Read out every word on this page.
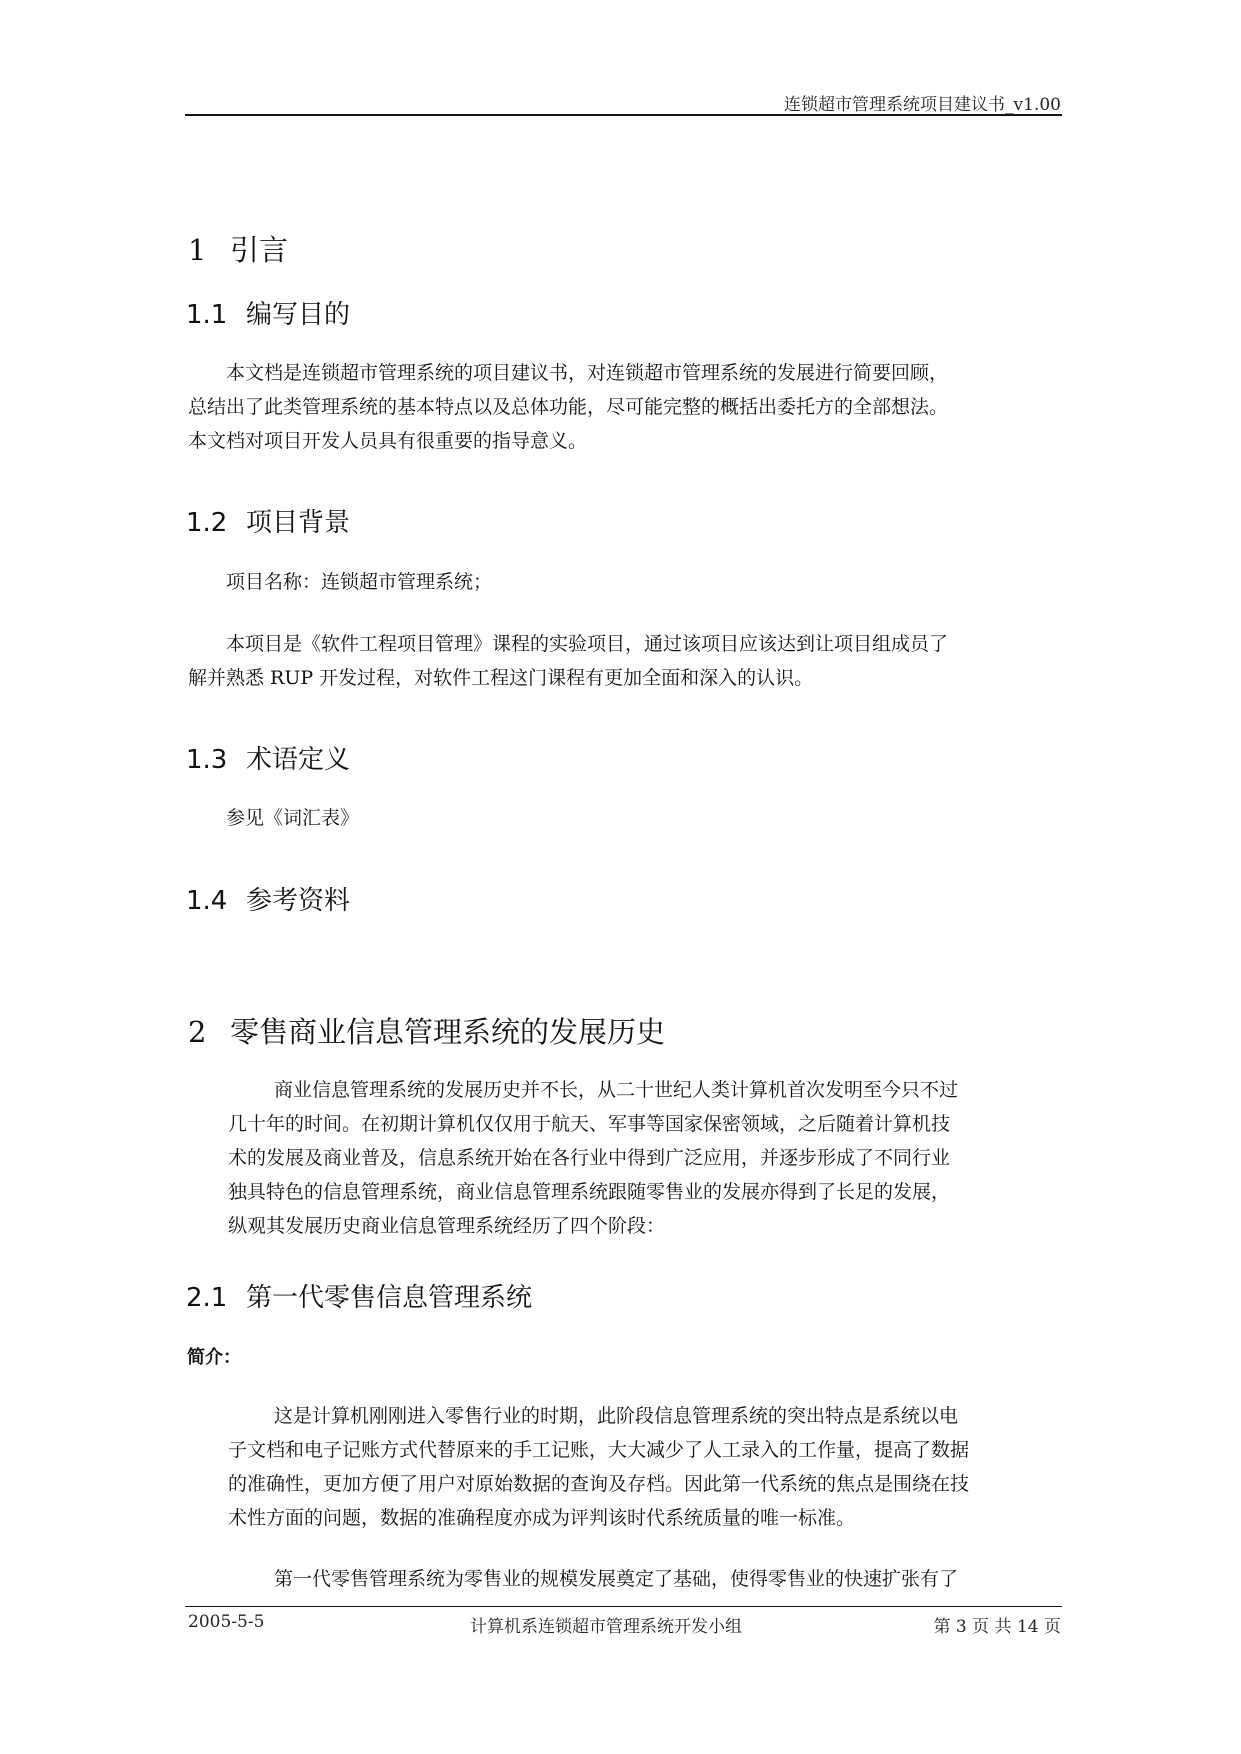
连锁超市管理系统项目建议书_v1.00
1 引言
1.1 编写目的
本文档是连锁超市管理系统的项目建议书，对连锁超市管理系统的发展进行简要回顾，
总结出了此类管理系统的基本特点以及总体功能，尽可能完整的概括出委托方的全部想法。
本文档对项目开发人员具有很重要的指导意义。
1.2 项目背景
项目名称：连锁超市管理系统；
本项目是《软件工程项目管理》课程的实验项目，通过该项目应该达到让项目组成员了
解并熟悉 RUP 开发过程，对软件工程这门课程有更加全面和深入的认识。
1.3 术语定义
参见《词汇表》
1.4 参考资料
2 零售商业信息管理系统的发展历史
商业信息管理系统的发展历史并不长，从二十世纪人类计算机首次发明至今只不过
几十年的时间。在初期计算机仅仅用于航天、军事等国家保密领域，之后随着计算机技
术的发展及商业普及，信息系统开始在各行业中得到广泛应用，并逐步形成了不同行业
独具特色的信息管理系统，商业信息管理系统跟随零售业的发展亦得到了长足的发展，
纵观其发展历史商业信息管理系统经历了四个阶段：
2.1 第一代零售信息管理系统
简介：
这是计算机刚刚进入零售行业的时期，此阶段信息管理系统的突出特点是系统以电
子文档和电子记账方式代替原来的手工记账，大大减少了人工录入的工作量，提高了数据
的准确性，更加方便了用户对原始数据的查询及存档。因此第一代系统的焦点是围绕在技
术性方面的问题，数据的准确程度亦成为评判该时代系统质量的唯一标准。
第一代零售管理系统为零售业的规模发展奠定了基础，使得零售业的快速扩张有了
2005-5-5	计算机系连锁超市管理系统开发小组	第 3 页 共 14 页
